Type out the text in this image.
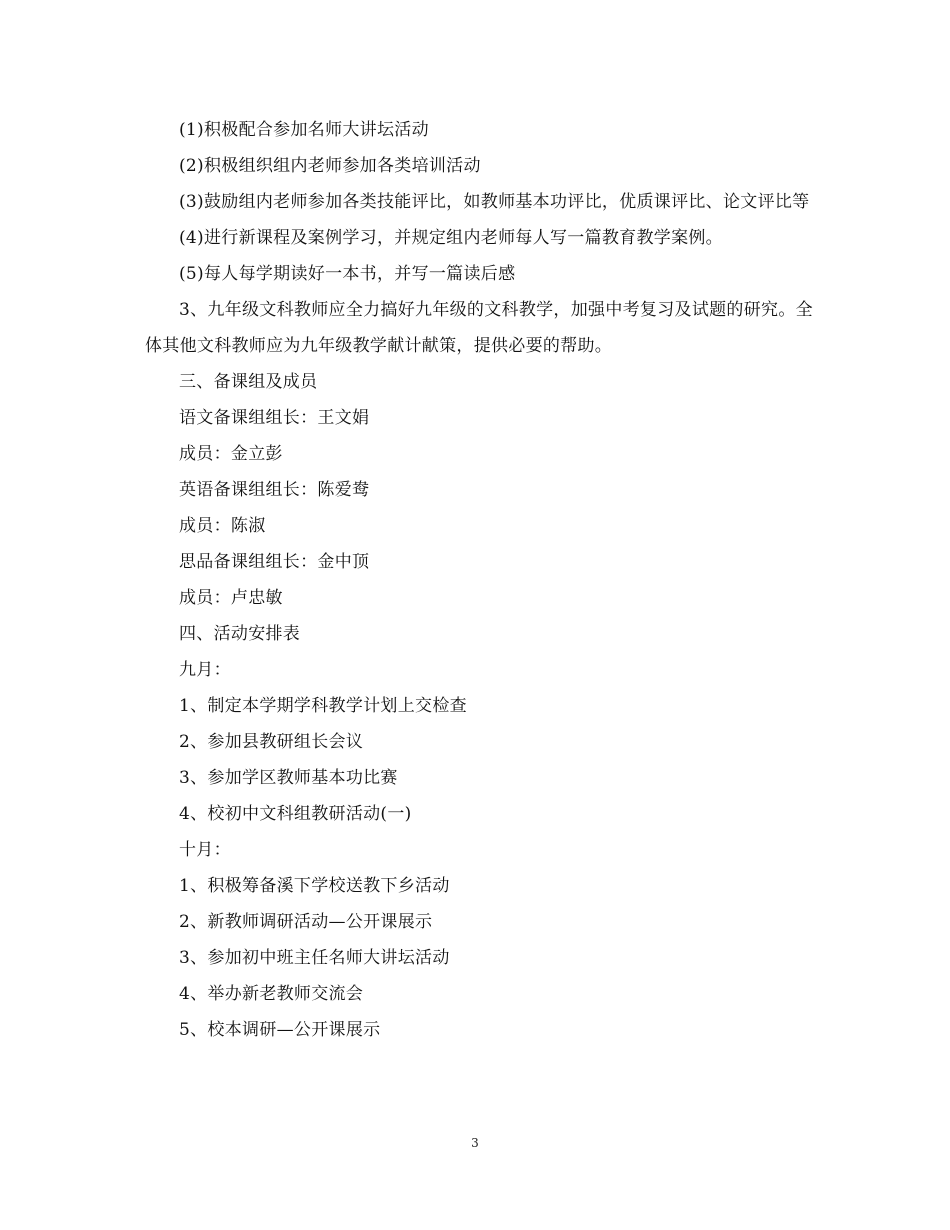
(1)积极配合参加名师大讲坛活动

(2)积极组织组内老师参加各类培训活动

(3)鼓励组内老师参加各类技能评比，如教师基本功评比，优质课评比、论文评比等

(4)进行新课程及案例学习，并规定组内老师每人写一篇教育教学案例。

(5)每人每学期读好一本书，并写一篇读后感

3、九年级文科教师应全力搞好九年级的文科教学，加强中考复习及试题的研究。全体其他文科教师应为九年级教学献计献策，提供必要的帮助。

三、备课组及成员

语文备课组组长：王文娟

成员：金立彭

英语备课组组长：陈爱鸯

成员：陈淑

思品备课组组长：金中顶

成员：卢忠敏

四、活动安排表

九月：

1、制定本学期学科教学计划上交检查

2、参加县教研组长会议

3、参加学区教师基本功比赛

4、校初中文科组教研活动(一)

十月：

1、积极筹备溪下学校送教下乡活动

2、新教师调研活动—公开课展示

3、参加初中班主任名师大讲坛活动

4、举办新老教师交流会

5、校本调研—公开课展示

3
